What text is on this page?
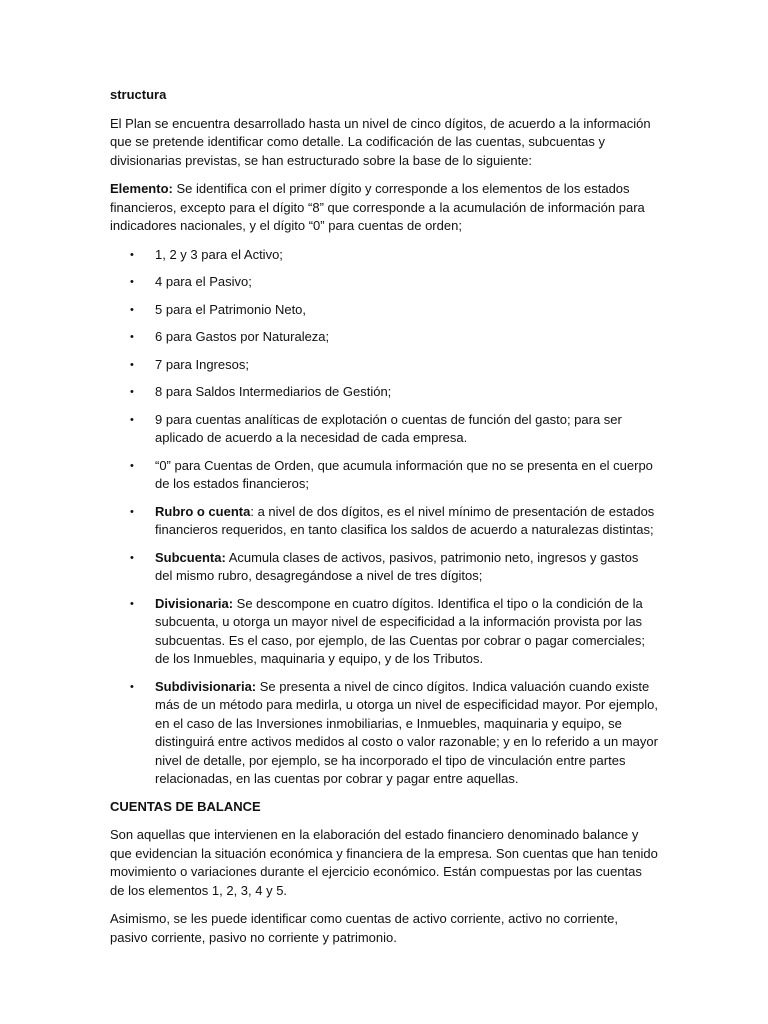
structura

El Plan se encuentra desarrollado hasta un nivel de cinco dígitos, de acuerdo a la información que se pretende identificar como detalle. La codificación de las cuentas, subcuentas y divisionarias previstas, se han estructurado sobre la base de lo siguiente:

Elemento: Se identifica con el primer dígito y corresponde a los elementos de los estados financieros, excepto para el dígito “8” que corresponde a la acumulación de información para indicadores nacionales, y el dígito “0” para cuentas de orden;

• 1, 2 y 3 para el Activo;
• 4 para el Pasivo;
• 5 para el Patrimonio Neto,
• 6 para Gastos por Naturaleza;
• 7 para Ingresos;
• 8 para Saldos Intermediarios de Gestión;
• 9 para cuentas analíticas de explotación o cuentas de función del gasto; para ser aplicado de acuerdo a la necesidad de cada empresa.
• “0” para Cuentas de Orden, que acumula información que no se presenta en el cuerpo de los estados financieros;
• Rubro o cuenta: a nivel de dos dígitos, es el nivel mínimo de presentación de estados financieros requeridos, en tanto clasifica los saldos de acuerdo a naturalezas distintas;
• Subcuenta: Acumula clases de activos, pasivos, patrimonio neto, ingresos y gastos del mismo rubro, desagregándose a nivel de tres dígitos;
• Divisionaria: Se descompone en cuatro dígitos. Identifica el tipo o la condición de la subcuenta, u otorga un mayor nivel de especificidad a la información provista por las subcuentas. Es el caso, por ejemplo, de las Cuentas por cobrar o pagar comerciales; de los Inmuebles, maquinaria y equipo, y de los Tributos.
• Subdivisionaria: Se presenta a nivel de cinco dígitos. Indica valuación cuando existe más de un método para medirla, u otorga un nivel de especificidad mayor. Por ejemplo, en el caso de las Inversiones inmobiliarias, e Inmuebles, maquinaria y equipo, se distinguirá entre activos medidos al costo o valor razonable; y en lo referido a un mayor nivel de detalle, por ejemplo, se ha incorporado el tipo de vinculación entre partes relacionadas, en las cuentas por cobrar y pagar entre aquellas.
CUENTAS DE BALANCE

Son aquellas que intervienen en la elaboración del estado financiero denominado balance y que evidencian la situación económica y financiera de la empresa. Son cuentas que han tenido movimiento o variaciones durante el ejercicio económico. Están compuestas por las cuentas de los elementos 1, 2, 3, 4 y 5.

Asimismo, se les puede identificar como cuentas de activo corriente, activo no corriente, pasivo corriente, pasivo no corriente y patrimonio.
